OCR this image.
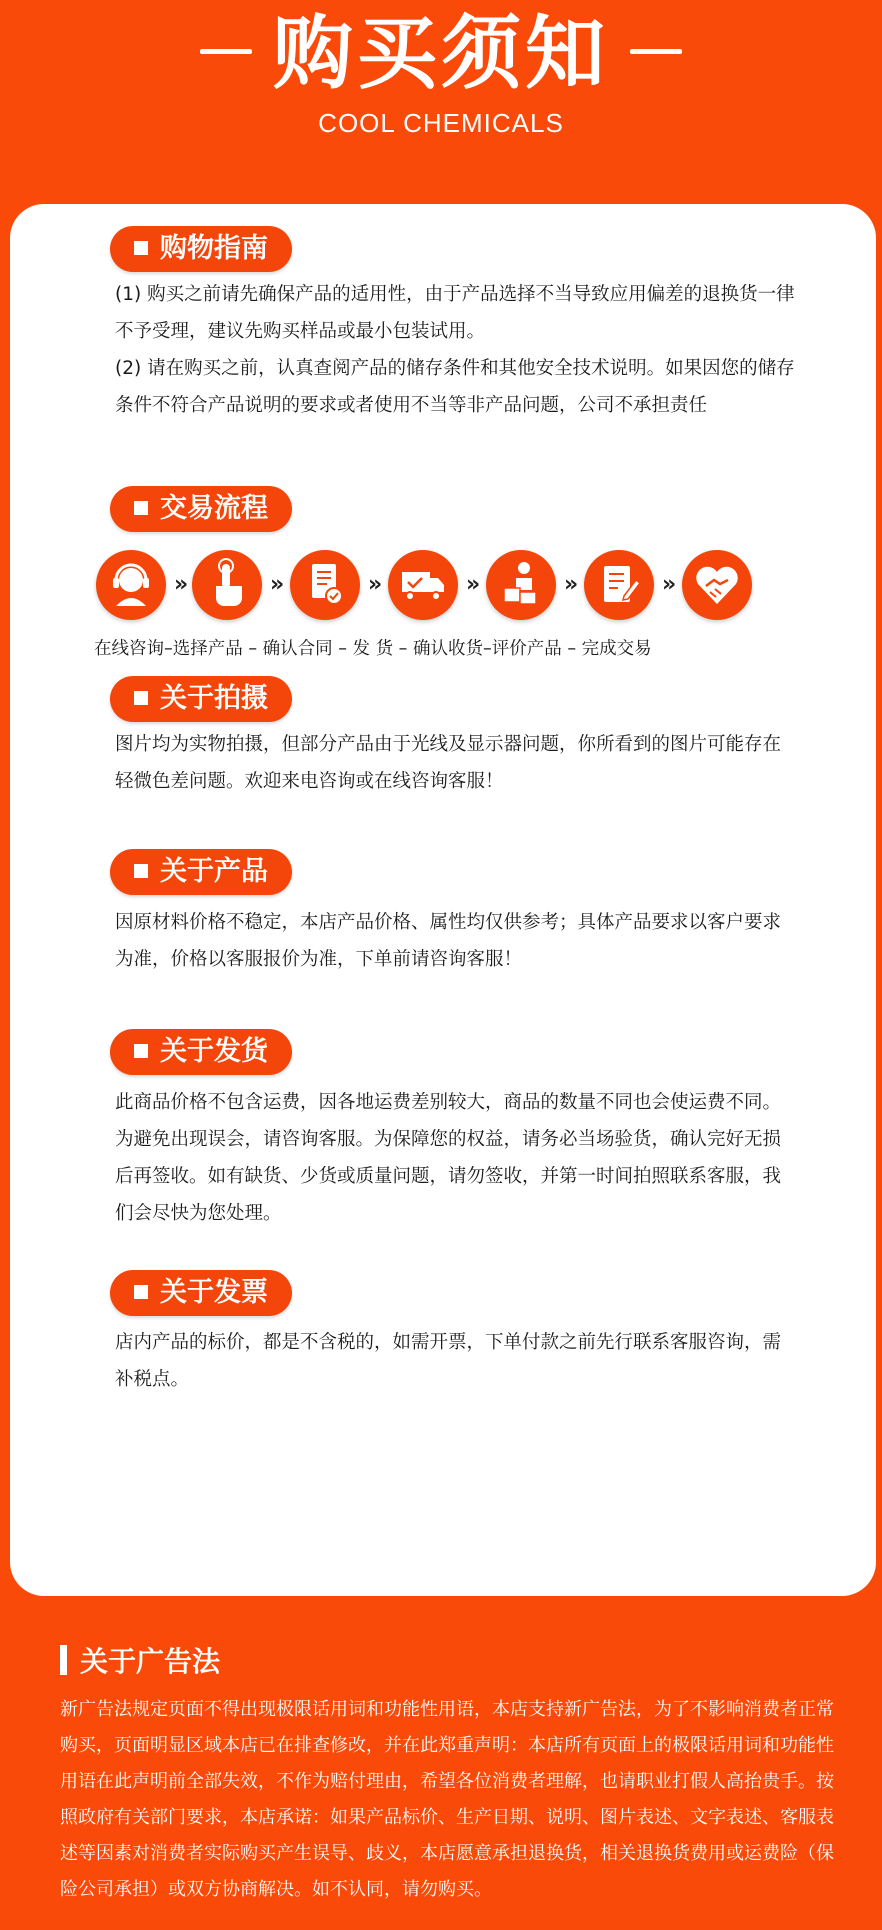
购买须知
COOL CHEMICALS
购物指南
(1) 购买之前请先确保产品的适用性，由于产品选择不当导致应用偏差的退换货一律不予受理，建议先购买样品或最小包装试用。
(2) 请在购买之前，认真查阅产品的储存条件和其他安全技术说明。如果因您的储存条件不符合产品说明的要求或者使用不当等非产品问题，公司不承担责任
交易流程
»	»	»	»	»	»
在线咨询–选择产品 – 确认合同 – 发 货 – 确认收货–评价产品 – 完成交易
关于拍摄
图片均为实物拍摄，但部分产品由于光线及显示器问题，你所看到的图片可能存在轻微色差问题。欢迎来电咨询或在线咨询客服！
关于产品
因原材料价格不稳定，本店产品价格、属性均仅供参考；具体产品要求以客户要求为准，价格以客服报价为准，下单前请咨询客服！
关于发货
此商品价格不包含运费，因各地运费差别较大，商品的数量不同也会使运费不同。为避免出现误会，请咨询客服。为保障您的权益，请务必当场验货，确认完好无损后再签收。如有缺货、少货或质量问题，请勿签收，并第一时间拍照联系客服，我们会尽快为您处理。
关于发票
店内产品的标价，都是不含税的，如需开票，下单付款之前先行联系客服咨询，需补税点。
关于广告法
新广告法规定页面不得出现极限话用词和功能性用语，本店支持新广告法，为了不影响消费者正常购买，页面明显区域本店已在排查修改，并在此郑重声明：本店所有页面上的极限话用词和功能性用语在此声明前全部失效，不作为赔付理由，希望各位消费者理解，也请职业打假人高抬贵手。按照政府有关部门要求，本店承诺：如果产品标价、生产日期、说明、图片表述、文字表述、客服表述等因素对消费者实际购买产生误导、歧义，本店愿意承担退换货，相关退换货费用或运费险（保险公司承担）或双方协商解决。如不认同，请勿购买。
